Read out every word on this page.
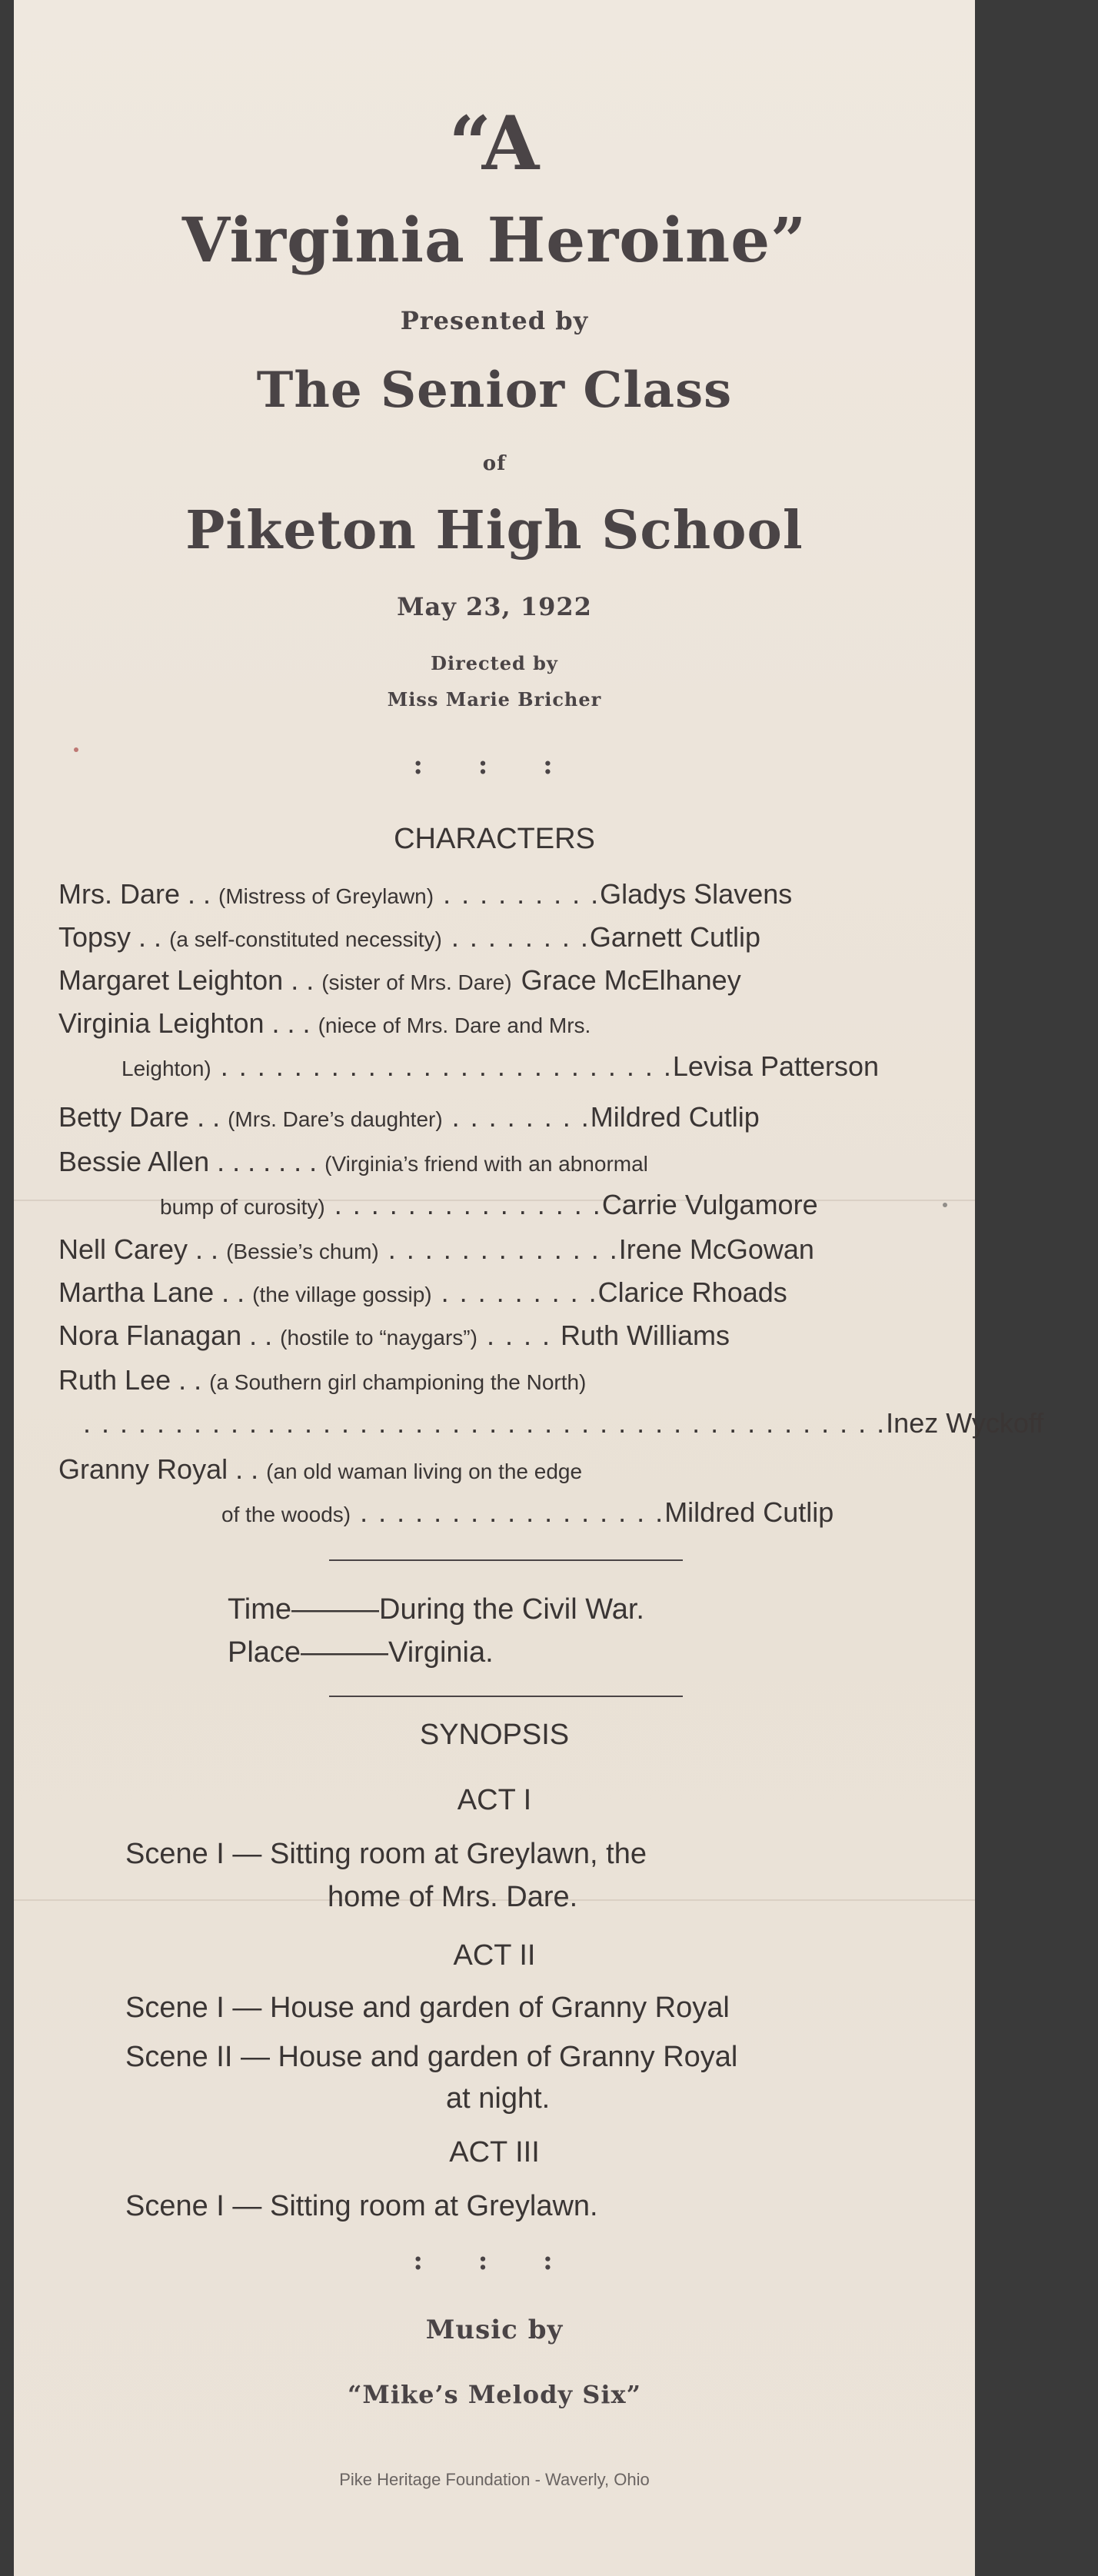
“A
Virginia Heroine”
Presented by
The Senior Class
of
Piketon High School
May 23, 1922
Directed by
Miss Marie Bricher
: : :
CHARACTERS
Mrs. Dare . . (Mistress of Greylawn) . . . . . . . . .Gladys Slavens
Topsy . . (a self-constituted necessity) . . . . . . . .Garnett Cutlip
Margaret Leighton . . (sister of Mrs. Dare) Grace McElhaney
Virginia Leighton . . . (niece of Mrs. Dare and Mrs.
Leighton) . . . . . . . . . . . . . . . . . . . . . . . . .Levisa Patterson
Betty Dare . . (Mrs. Dare’s daughter) . . . . . . . .Mildred Cutlip
Bessie Allen . . . . . . . (Virginia’s friend with an abnormal
bump of curosity) . . . . . . . . . . . . . . .Carrie Vulgamore
Nell Carey . . (Bessie’s chum) . . . . . . . . . . . . .Irene McGowan
Martha Lane . . (the village gossip) . . . . . . . . .Clarice Rhoads
Nora Flanagan . . (hostile to “naygars”) . . . . Ruth Williams
Ruth Lee . . (a Southern girl championing the North)
. . . . . . . . . . . . . . . . . . . . . . . . . . . . . . . . . . . . . . . . . . . .Inez Wyckoff
Granny Royal . . (an old waman living on the edge
of the woods) . . . . . . . . . . . . . . . . .Mildred Cutlip
Time———During the Civil War.
Place———Virginia.
SYNOPSIS
ACT I
Scene I — Sitting room at Greylawn, the
home of Mrs. Dare.
ACT II
Scene I — House and garden of Granny Royal
Scene II — House and garden of Granny Royal
at night.
ACT III
Scene I — Sitting room at Greylawn.
: : :
Music by
“Mike’s Melody Six”
Pike Heritage Foundation - Waverly, Ohio
